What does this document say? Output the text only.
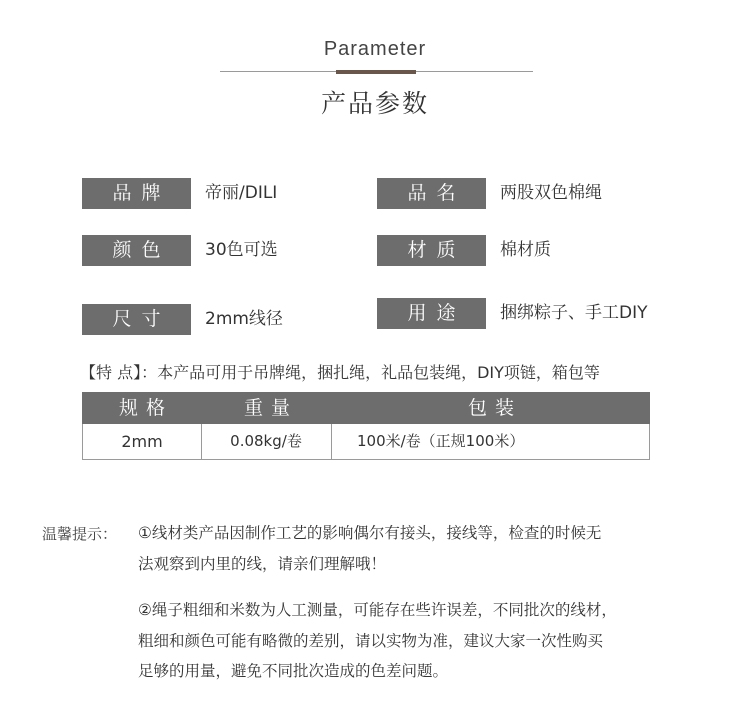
Parameter
产品参数
品牌	帝丽/DILI	品名	两股双色棉绳
颜色	30色可选	材质	棉材质
尺寸	2mm线径	用途	捆绑粽子、手工DIY
【特 点】：本产品可用于吊牌绳，捆扎绳，礼品包装绳，DIY项链，箱包等
规格	重量	包装
2mm	0.08kg/卷	100米/卷（正规100米）
温馨提示： ①线材类产品因制作工艺的影响偶尔有接头，接线等，检查的时候无
法观察到内里的线，请亲们理解哦！
②绳子粗细和米数为人工测量，可能存在些许误差，不同批次的线材，
粗细和颜色可能有略微的差别，请以实物为准，建议大家一次性购买
足够的用量，避免不同批次造成的色差问题。
